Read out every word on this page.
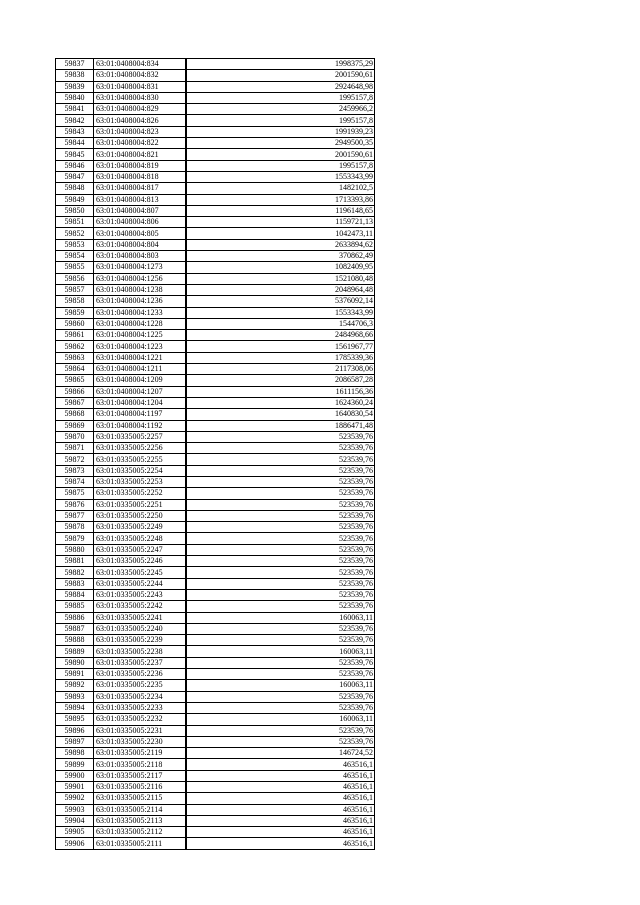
59837	63:01:0408004:834	1998375,29
59838	63:01:0408004:832	2001590,61
59839	63:01:0408004:831	2924648,98
59840	63:01:0408004:830	1995157,8
59841	63:01:0408004:829	2459966,2
59842	63:01:0408004:826	1995157,8
59843	63:01:0408004:823	1991939,23
59844	63:01:0408004:822	2949500,35
59845	63:01:0408004:821	2001590,61
59846	63:01:0408004:819	1995157,8
59847	63:01:0408004:818	1553343,99
59848	63:01:0408004:817	1482102,5
59849	63:01:0408004:813	1713393,86
59850	63:01:0408004:807	1196148,65
59851	63:01:0408004:806	1159721,13
59852	63:01:0408004:805	1042473,11
59853	63:01:0408004:804	2633894,62
59854	63:01:0408004:803	370862,49
59855	63:01:0408004:1273	1082409,95
59856	63:01:0408004:1256	1521080,48
59857	63:01:0408004:1238	2048964,48
59858	63:01:0408004:1236	5376092,14
59859	63:01:0408004:1233	1553343,99
59860	63:01:0408004:1228	1544706,3
59861	63:01:0408004:1225	2484968,66
59862	63:01:0408004:1223	1561967,77
59863	63:01:0408004:1221	1785339,36
59864	63:01:0408004:1211	2117308,06
59865	63:01:0408004:1209	2086587,28
59866	63:01:0408004:1207	1611156,36
59867	63:01:0408004:1204	1624360,24
59868	63:01:0408004:1197	1640830,54
59869	63:01:0408004:1192	1886471,48
59870	63:01:0335005:2257	523539,76
59871	63:01:0335005:2256	523539,76
59872	63:01:0335005:2255	523539,76
59873	63:01:0335005:2254	523539,76
59874	63:01:0335005:2253	523539,76
59875	63:01:0335005:2252	523539,76
59876	63:01:0335005:2251	523539,76
59877	63:01:0335005:2250	523539,76
59878	63:01:0335005:2249	523539,76
59879	63:01:0335005:2248	523539,76
59880	63:01:0335005:2247	523539,76
59881	63:01:0335005:2246	523539,76
59882	63:01:0335005:2245	523539,76
59883	63:01:0335005:2244	523539,76
59884	63:01:0335005:2243	523539,76
59885	63:01:0335005:2242	523539,76
59886	63:01:0335005:2241	160063,11
59887	63:01:0335005:2240	523539,76
59888	63:01:0335005:2239	523539,76
59889	63:01:0335005:2238	160063,11
59890	63:01:0335005:2237	523539,76
59891	63:01:0335005:2236	523539,76
59892	63:01:0335005:2235	160063,11
59893	63:01:0335005:2234	523539,76
59894	63:01:0335005:2233	523539,76
59895	63:01:0335005:2232	160063,11
59896	63:01:0335005:2231	523539,76
59897	63:01:0335005:2230	523539,76
59898	63:01:0335005:2119	146724,52
59899	63:01:0335005:2118	463516,1
59900	63:01:0335005:2117	463516,1
59901	63:01:0335005:2116	463516,1
59902	63:01:0335005:2115	463516,1
59903	63:01:0335005:2114	463516,1
59904	63:01:0335005:2113	463516,1
59905	63:01:0335005:2112	463516,1
59906	63:01:0335005:2111	463516,1
